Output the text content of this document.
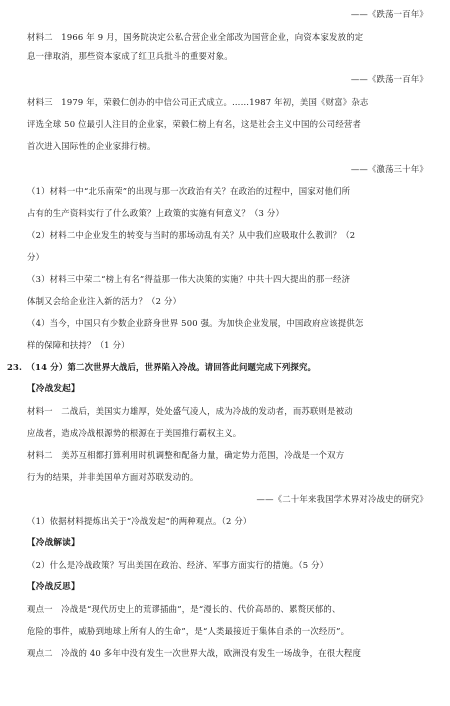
——《跌荡一百年》
材料二　1966 年 9 月，国务院决定公私合营企业全部改为国营企业，向资本家发放的定
息一律取消，那些资本家成了红卫兵批斗的重要对象。
——《跌荡一百年》
材料三　1979 年，荣毅仁创办的中信公司正式成立。……1987 年初，美国《财富》杂志
评选全球 50 位最引人注目的企业家，荣毅仁榜上有名，这是社会主义中国的公司经营者
首次进入国际性的企业家排行榜。
——《激荡三十年》
（1）材料一中“北乐南荣”的出现与那一次政治有关？在政治的过程中，国家对他们所
占有的生产资料实行了什么政策？上政策的实施有何意义？（3 分）
（2）材料二中企业发生的转变与当时的那场动乱有关？从中我们应吸取什么教训？（2
分）
（3）材料三中荣二“榜上有名”得益那一伟大决策的实施？中共十四大提出的那一经济
体制又会给企业注入新的活力？（2 分）
（4）当今，中国只有少数企业跻身世界 500 强。为加快企业发展，中国政府应该提供怎
样的保障和扶持？（1 分）
23.　（14 分）第二次世界大战后，世界陷入冷战。请回答此问题完成下列探究。
【冷战发起】
材料一　二战后，美国实力雄厚，处处盛气凌人，成为冷战的发动者，而苏联则是被动
应战者，造成冷战根源势的根源在于美国推行霸权主义。
材料二　美苏互相都打算利用时机调整和配备力量，确定势力范围，冷战是一个双方
行为的结果，并非美国单方面对苏联发动的。
——《二十年来我国学术界对冷战史的研究》
（1）依据材料提炼出关于“冷战发起”的两种观点。（2 分）
【冷战解读】
（2）什么是冷战政策？写出美国在政治、经济、军事方面实行的措施。（5 分）
【冷战反思】
观点一　冷战是“现代历史上的荒谬插曲”，是“漫长的、代价高昂的、累赘厌郁的、
危险的事件，威胁到地球上所有人的生命”，是“人类最接近于集体自杀的一次经历”。
观点二　冷战的 40 多年中没有发生一次世界大战，欧洲没有发生一场战争，在很大程度
